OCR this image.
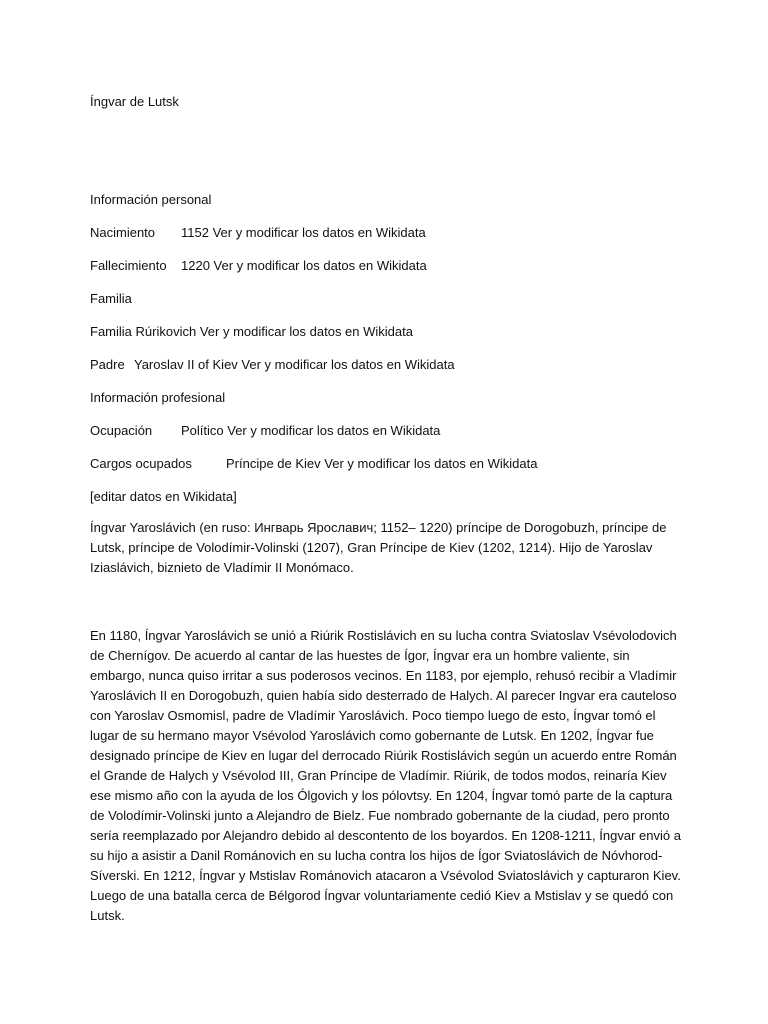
Íngvar de Lutsk
Información personal
Nacimiento 1152 Ver y modificar los datos en Wikidata
Fallecimiento 1220 Ver y modificar los datos en Wikidata
Familia
Familia Rúrikovich Ver y modificar los datos en Wikidata
Padre Yaroslav II of Kiev Ver y modificar los datos en Wikidata
Información profesional
Ocupación Político Ver y modificar los datos en Wikidata
Cargos ocupados	Príncipe de Kiev Ver y modificar los datos en Wikidata
[editar datos en Wikidata]
Íngvar Yaroslávich (en ruso: Ингварь Ярославич; 1152– 1220) príncipe de Dorogobuzh, príncipe de Lutsk, príncipe de Volodímir-Volinski (1207), Gran Príncipe de Kiev (1202, 1214). Hijo de Yaroslav Iziaslávich, biznieto de Vladímir II Monómaco.
En 1180, Íngvar Yaroslávich se unió a Riúrik Rostislávich en su lucha contra Sviatoslav Vsévolodovich de Chernígov. De acuerdo al cantar de las huestes de Ígor, Íngvar era un hombre valiente, sin embargo, nunca quiso irritar a sus poderosos vecinos. En 1183, por ejemplo, rehusó recibir a Vladímir Yaroslávich II en Dorogobuzh, quien había sido desterrado de Halych. Al parecer Ingvar era cauteloso con Yaroslav Osmomisl, padre de Vladímir Yaroslávich. Poco tiempo luego de esto, Íngvar tomó el lugar de su hermano mayor Vsévolod Yaroslávich como gobernante de Lutsk. En 1202, Íngvar fue designado príncipe de Kiev en lugar del derrocado Riúrik Rostislávich según un acuerdo entre Román el Grande de Halych y Vsévolod III, Gran Príncipe de Vladímir. Riúrik, de todos modos, reinaría Kiev ese mismo año con la ayuda de los Ólgovich y los pólovtsy. En 1204, Íngvar tomó parte de la captura de Volodímir-Volinski junto a Alejandro de Bielz. Fue nombrado gobernante de la ciudad, pero pronto sería reemplazado por Alejandro debido al descontento de los boyardos. En 1208-1211, Íngvar envió a su hijo a asistir a Danil Románovich en su lucha contra los hijos de Ígor Sviatoslávich de Nóvhorod-Síverski. En 1212, Íngvar y Mstislav Románovich atacaron a Vsévolod Sviatoslávich y capturaron Kiev. Luego de una batalla cerca de Bélgorod Íngvar voluntariamente cedió Kiev a Mstislav y se quedó con Lutsk.
